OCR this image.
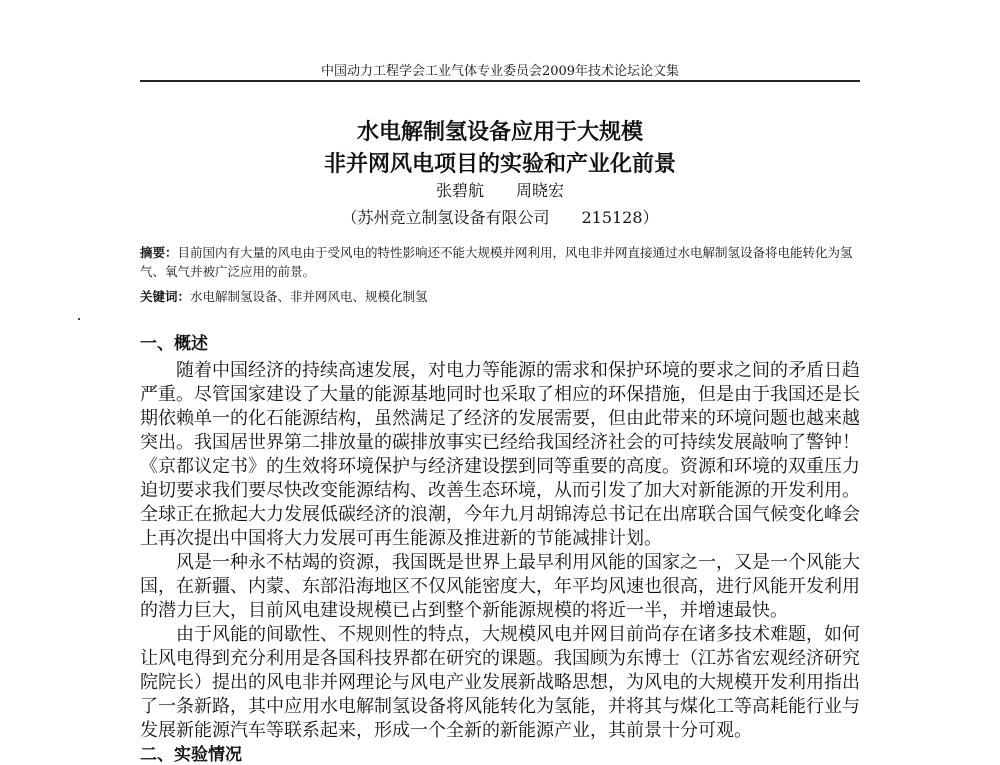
中国动力工程学会工业气体专业委员会2009年技术论坛论文集
水电解制氢设备应用于大规模
非并网风电项目的实验和产业化前景
张碧航　　周晓宏
（苏州竞立制氢设备有限公司　　215128）
摘要：目前国内有大量的风电由于受风电的特性影响还不能大规模并网利用，风电非并网直接通过水电解制氢设备将电能转化为氢气、氧气并被广泛应用的前景。
关键词：水电解制氢设备、非并网风电、规模化制氢
一、概述
随着中国经济的持续高速发展，对电力等能源的需求和保护环境的要求之间的矛盾日趋
严重。尽管国家建设了大量的能源基地同时也采取了相应的环保措施，但是由于我国还是长
期依赖单一的化石能源结构，虽然满足了经济的发展需要，但由此带来的环境问题也越来越
突出。我国居世界第二排放量的碳排放事实已经给我国经济社会的可持续发展敲响了警钟！
《京都议定书》的生效将环境保护与经济建设摆到同等重要的高度。资源和环境的双重压力
迫切要求我们要尽快改变能源结构、改善生态环境，从而引发了加大对新能源的开发利用。
全球正在掀起大力发展低碳经济的浪潮，今年九月胡锦涛总书记在出席联合国气候变化峰会
上再次提出中国将大力发展可再生能源及推进新的节能减排计划。
风是一种永不枯竭的资源，我国既是世界上最早利用风能的国家之一，又是一个风能大
国，在新疆、内蒙、东部沿海地区不仅风能密度大，年平均风速也很高，进行风能开发利用
的潜力巨大，目前风电建设规模已占到整个新能源规模的将近一半，并增速最快。
由于风能的间歇性、不规则性的特点，大规模风电并网目前尚存在诸多技术难题，如何
让风电得到充分利用是各国科技界都在研究的课题。我国顾为东博士（江苏省宏观经济研究
院院长）提出的风电非并网理论与风电产业发展新战略思想，为风电的大规模开发利用指出
了一条新路，其中应用水电解制氢设备将风能转化为氢能，并将其与煤化工等高耗能行业与
发展新能源汽车等联系起来，形成一个全新的新能源产业，其前景十分可观。
二、实验情况
